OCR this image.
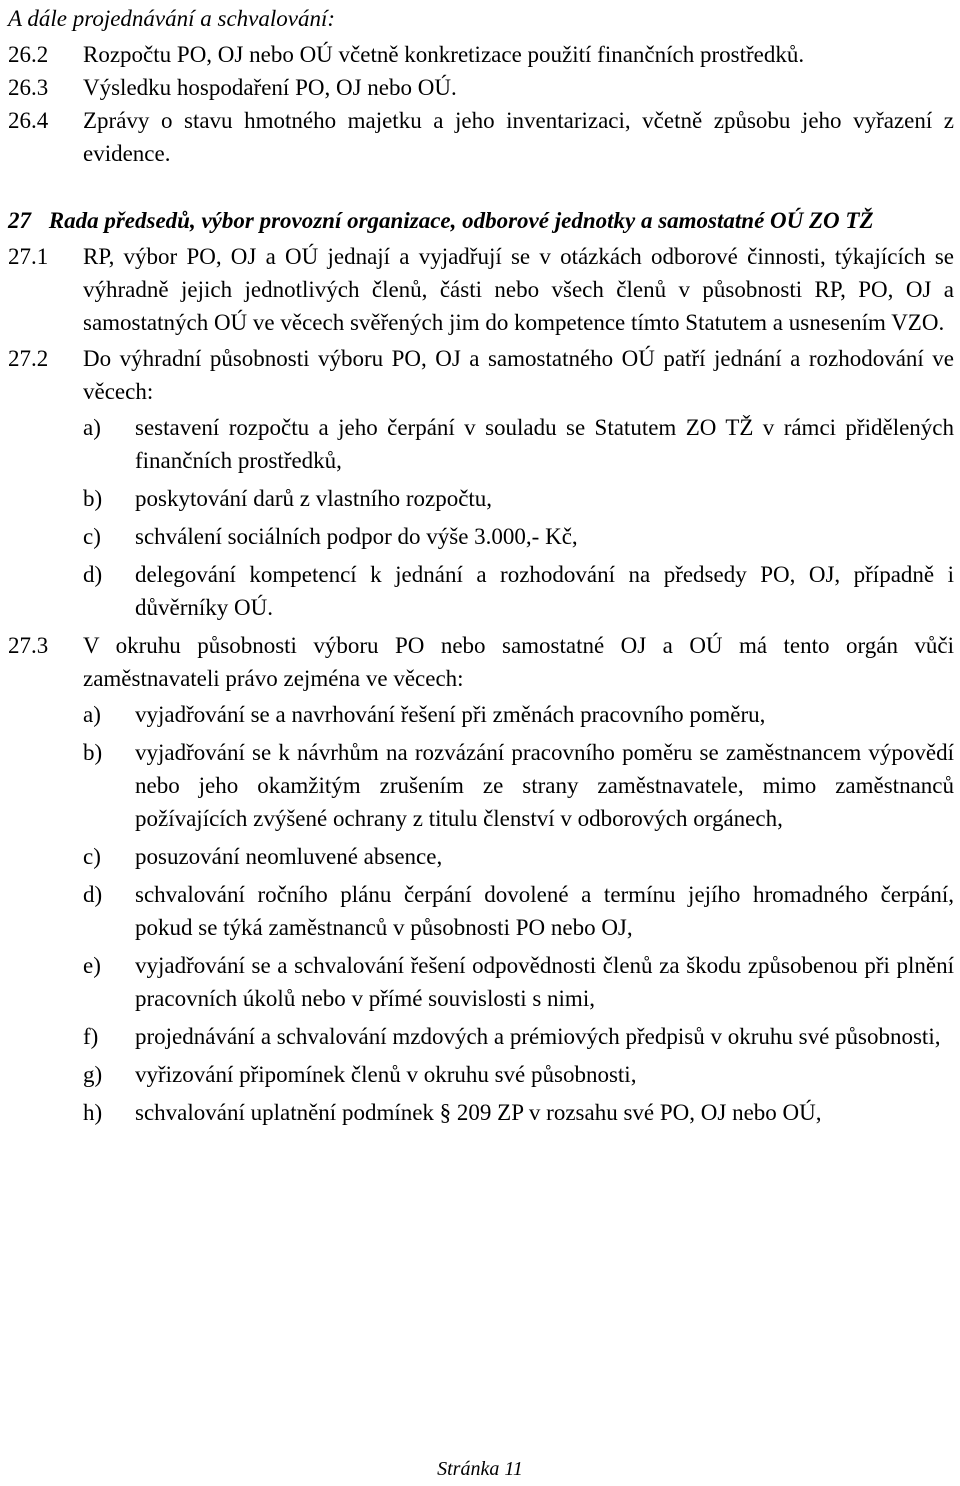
A dále projednávání a schvalování:

26.2	Rozpočtu PO, OJ nebo OÚ včetně konkretizace použití finančních prostředků.
26.3	Výsledku hospodaření PO, OJ nebo OÚ.
26.4	Zprávy o stavu hmotného majetku a jeho inventarizaci, včetně způsobu jeho vyřazení z evidence.

27 Rada předsedů, výbor provozní organizace, odborové jednotky a samostatné OÚ ZO TŽ

27.1	RP, výbor PO, OJ a OÚ jednají a vyjadřují se v otázkách odborové činnosti, týkajících se výhradně jejich jednotlivých členů, části nebo všech členů v působnosti RP, PO, OJ a samostatných OÚ ve věcech svěřených jim do kompetence tímto Statutem a usnesením VZO.
27.2	Do výhradní působnosti výboru PO, OJ a samostatného OÚ patří jednání a rozhodování ve věcech:
a)	sestavení rozpočtu a jeho čerpání v souladu se Statutem ZO TŽ v rámci přidělených finančních prostředků,
b)	poskytování darů z vlastního rozpočtu,
c)	schválení sociálních podpor do výše 3.000,- Kč,
d)	delegování kompetencí k jednání a rozhodování na předsedy PO, OJ, případně i důvěrníky OÚ.
27.3	V okruhu působnosti výboru PO nebo samostatné OJ a OÚ má tento orgán vůči zaměstnavateli právo zejména ve věcech:
a)	vyjadřování se a navrhování řešení při změnách pracovního poměru,
b)	vyjadřování se k návrhům na rozvázání pracovního poměru se zaměstnancem výpovědí nebo jeho okamžitým zrušením ze strany zaměstnavatele, mimo zaměstnanců požívajících zvýšené ochrany z titulu členství v odborových orgánech,
c)	posuzování neomluvené absence,
d)	schvalování ročního plánu čerpání dovolené a termínu jejího hromadného čerpání, pokud se týká zaměstnanců v působnosti PO nebo OJ,
e)	vyjadřování se a schvalování řešení odpovědnosti členů za škodu způsobenou při plnění pracovních úkolů nebo v přímé souvislosti s nimi,
f)	projednávání a schvalování mzdových a prémiových předpisů v okruhu své působnosti,
g)	vyřizování připomínek členů v okruhu své působnosti,
h)	schvalování uplatnění podmínek § 209 ZP v rozsahu své PO, OJ nebo OÚ,
Stránka 11
